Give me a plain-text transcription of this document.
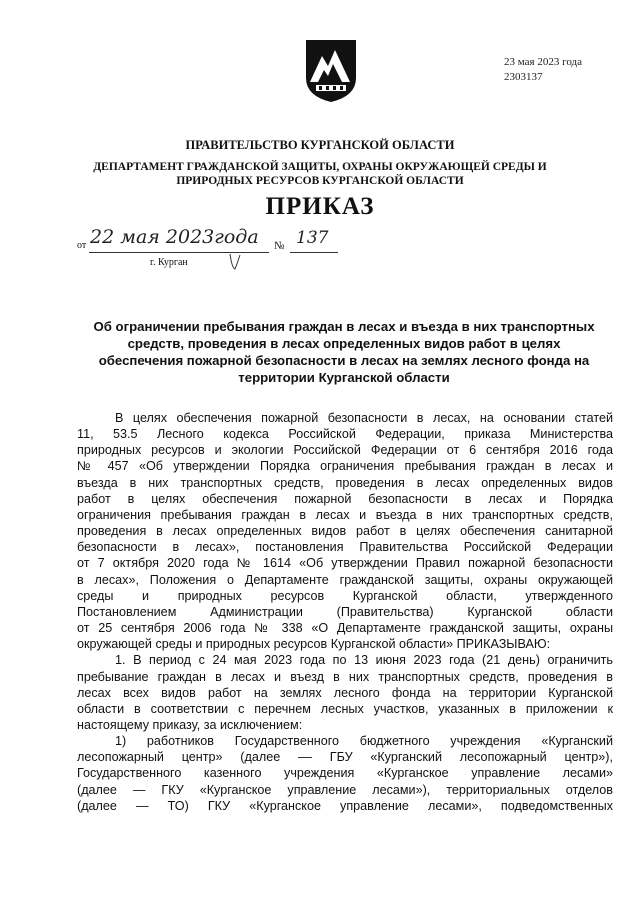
23 мая 2023 года
2303137
ПРАВИТЕЛЬСТВО КУРГАНСКОЙ ОБЛАСТИ
ДЕПАРТАМЕНТ ГРАЖДАНСКОЙ ЗАЩИТЫ, ОХРАНЫ ОКРУЖАЮЩЕЙ СРЕДЫ И
ПРИРОДНЫХ РЕСУРСОВ КУРГАНСКОЙ ОБЛАСТИ
ПРИКАЗ
от 22 мая 2023года № 137
г. Курган
Об ограничении пребывания граждан в лесах и въезда в них транспортных
средств, проведения в лесах определенных видов работ в целях
обеспечения пожарной безопасности в лесах на землях лесного фонда на
территории Курганской области
В целях обеспечения пожарной безопасности в лесах, на основании статей
11, 53.5 Лесного кодекса Российской Федерации, приказа Министерства
природных ресурсов и экологии Российской Федерации от 6 сентября 2016 года
№ 457 «Об утверждении Порядка ограничения пребывания граждан в лесах и
въезда в них транспортных средств, проведения в лесах определенных видов
работ в целях обеспечения пожарной безопасности в лесах и Порядка
ограничения пребывания граждан в лесах и въезда в них транспортных средств,
проведения в лесах определенных видов работ в целях обеспечения санитарной
безопасности в лесах», постановления Правительства Российской Федерации
от 7 октября 2020 года № 1614 «Об утверждении Правил пожарной безопасности
в лесах», Положения о Департаменте гражданской защиты, охраны окружающей
среды и природных ресурсов Курганской области, утвержденного
Постановлением Администрации (Правительства) Курганской области
от 25 сентября 2006 года № 338 «О Департаменте гражданской защиты, охраны
окружающей среды и природных ресурсов Курганской области» ПРИКАЗЫВАЮ:
1. В период с 24 мая 2023 года по 13 июня 2023 года (21 день) ограничить
пребывание граждан в лесах и въезд в них транспортных средств, проведения в
лесах всех видов работ на землях лесного фонда на территории Курганской
области в соответствии с перечнем лесных участков, указанных в приложении к
настоящему приказу, за исключением:
1) работников Государственного бюджетного учреждения «Курганский
лесопожарный центр» (далее –– ГБУ «Курганский лесопожарный центр»),
Государственного казенного учреждения «Курганское управление лесами»
(далее — ГКУ «Курганское управление лесами»), территориальных отделов
(далее — ТО) ГКУ «Курганское управление лесами», подведомственных
